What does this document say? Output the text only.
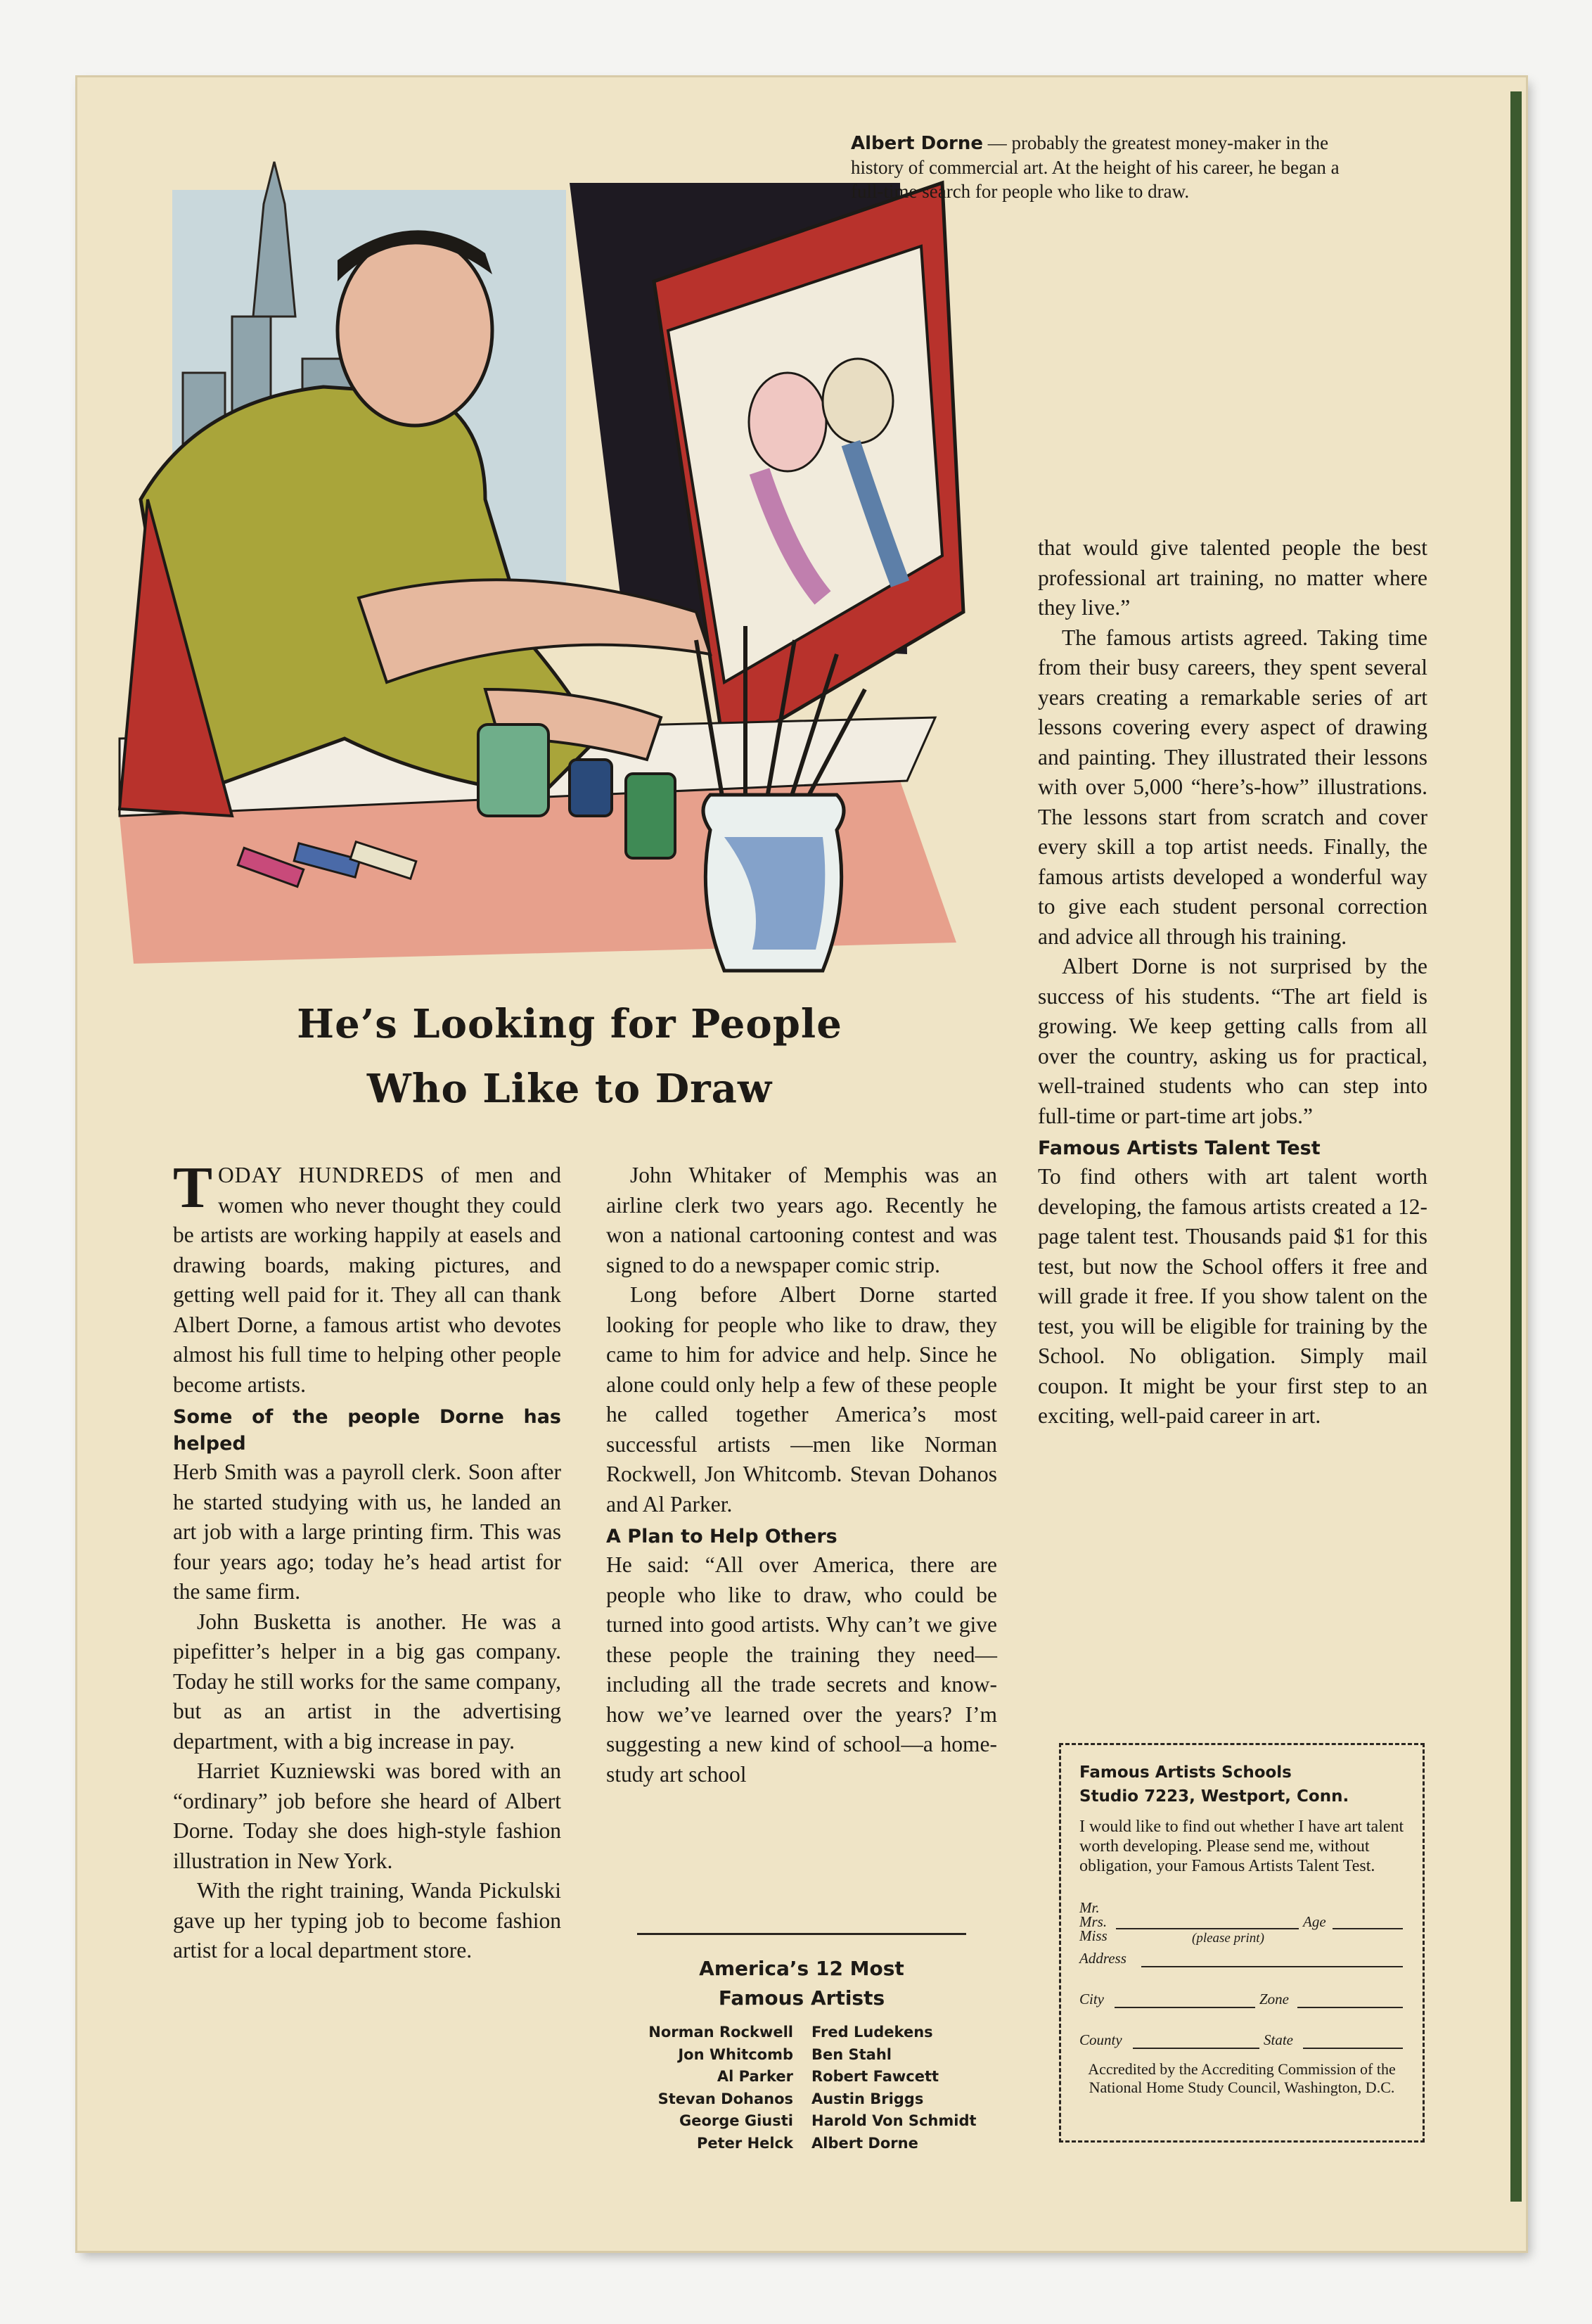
Albert Dorne — probably the greatest money-maker in the history of commercial art. At the height of his career, he began a full-time search for people who like to draw.
He’s Looking for People
Who Like to Draw

TODAY HUNDREDS of men and women who never thought they could be artists are working happily at easels and drawing boards, making pictures, and getting well paid for it. They all can thank Albert Dorne, a famous artist who devotes almost his full time to helping other people become artists.

Some of the people Dorne has helped

Herb Smith was a payroll clerk. Soon after he started studying with us, he landed an art job with a large printing firm. This was four years ago; today he’s head artist for the same firm.

John Busketta is another. He was a pipefitter’s helper in a big gas company. Today he still works for the same company, but as an artist in the advertising department, with a big increase in pay.

Harriet Kuzniewski was bored with an “ordinary” job before she heard of Albert Dorne. Today she does high-style fashion illustration in New York.

With the right training, Wanda Pickulski gave up her typing job to become fashion artist for a local department store.

John Whitaker of Memphis was an airline clerk two years ago. Recently he won a national cartooning contest and was signed to do a newspaper comic strip.

Long before Albert Dorne started looking for people who like to draw, they came to him for advice and help. Since he alone could only help a few of these people he called together America’s most successful artists —men like Norman Rockwell, Jon Whitcomb. Stevan Dohanos and Al Parker.

A Plan to Help Others

He said: “All over America, there are people who like to draw, who could be turned into good artists. Why can’t we give these people the training they need—including all the trade secrets and know-how we’ve learned over the years? I’m suggesting a new kind of school—a home-study art school

America’s 12 Most
Famous Artists
Norman Rockwell Fred Ludekens
Jon Whitcomb Ben Stahl
Al Parker Robert Fawcett
Stevan Dohanos Austin Briggs
George Giusti Harold Von Schmidt
Peter Helck Albert Dorne

that would give talented people the best professional art training, no matter where they live.”

The famous artists agreed. Taking time from their busy careers, they spent several years creating a remarkable series of art lessons covering every aspect of drawing and painting. They illustrated their lessons with over 5,000 “here’s-how” illustrations. The lessons start from scratch and cover every skill a top artist needs. Finally, the famous artists developed a wonderful way to give each student personal correction and advice all through his training.

Albert Dorne is not surprised by the success of his students. “The art field is growing. We keep getting calls from all over the country, asking us for practical, well-trained students who can step into full-time or part-time art jobs.”

Famous Artists Talent Test

To find others with art talent worth developing, the famous artists created a 12-page talent test. Thousands paid $1 for this test, but now the School offers it free and will grade it free. If you show talent on the test, you will be eligible for training by the School. No obligation. Simply mail coupon. It might be your first step to an exciting, well-paid career in art.

Famous Artists Schools
Studio 7223, Westport, Conn.
I would like to find out whether I have art talent worth developing. Please send me, without obligation, your Famous Artists Talent Test.
Mr.
Mrs.
Miss
Age
(please print)
Address
City	Zone
County	State
Accredited by the Accrediting Commission of the National Home Study Council, Washington, D.C.
